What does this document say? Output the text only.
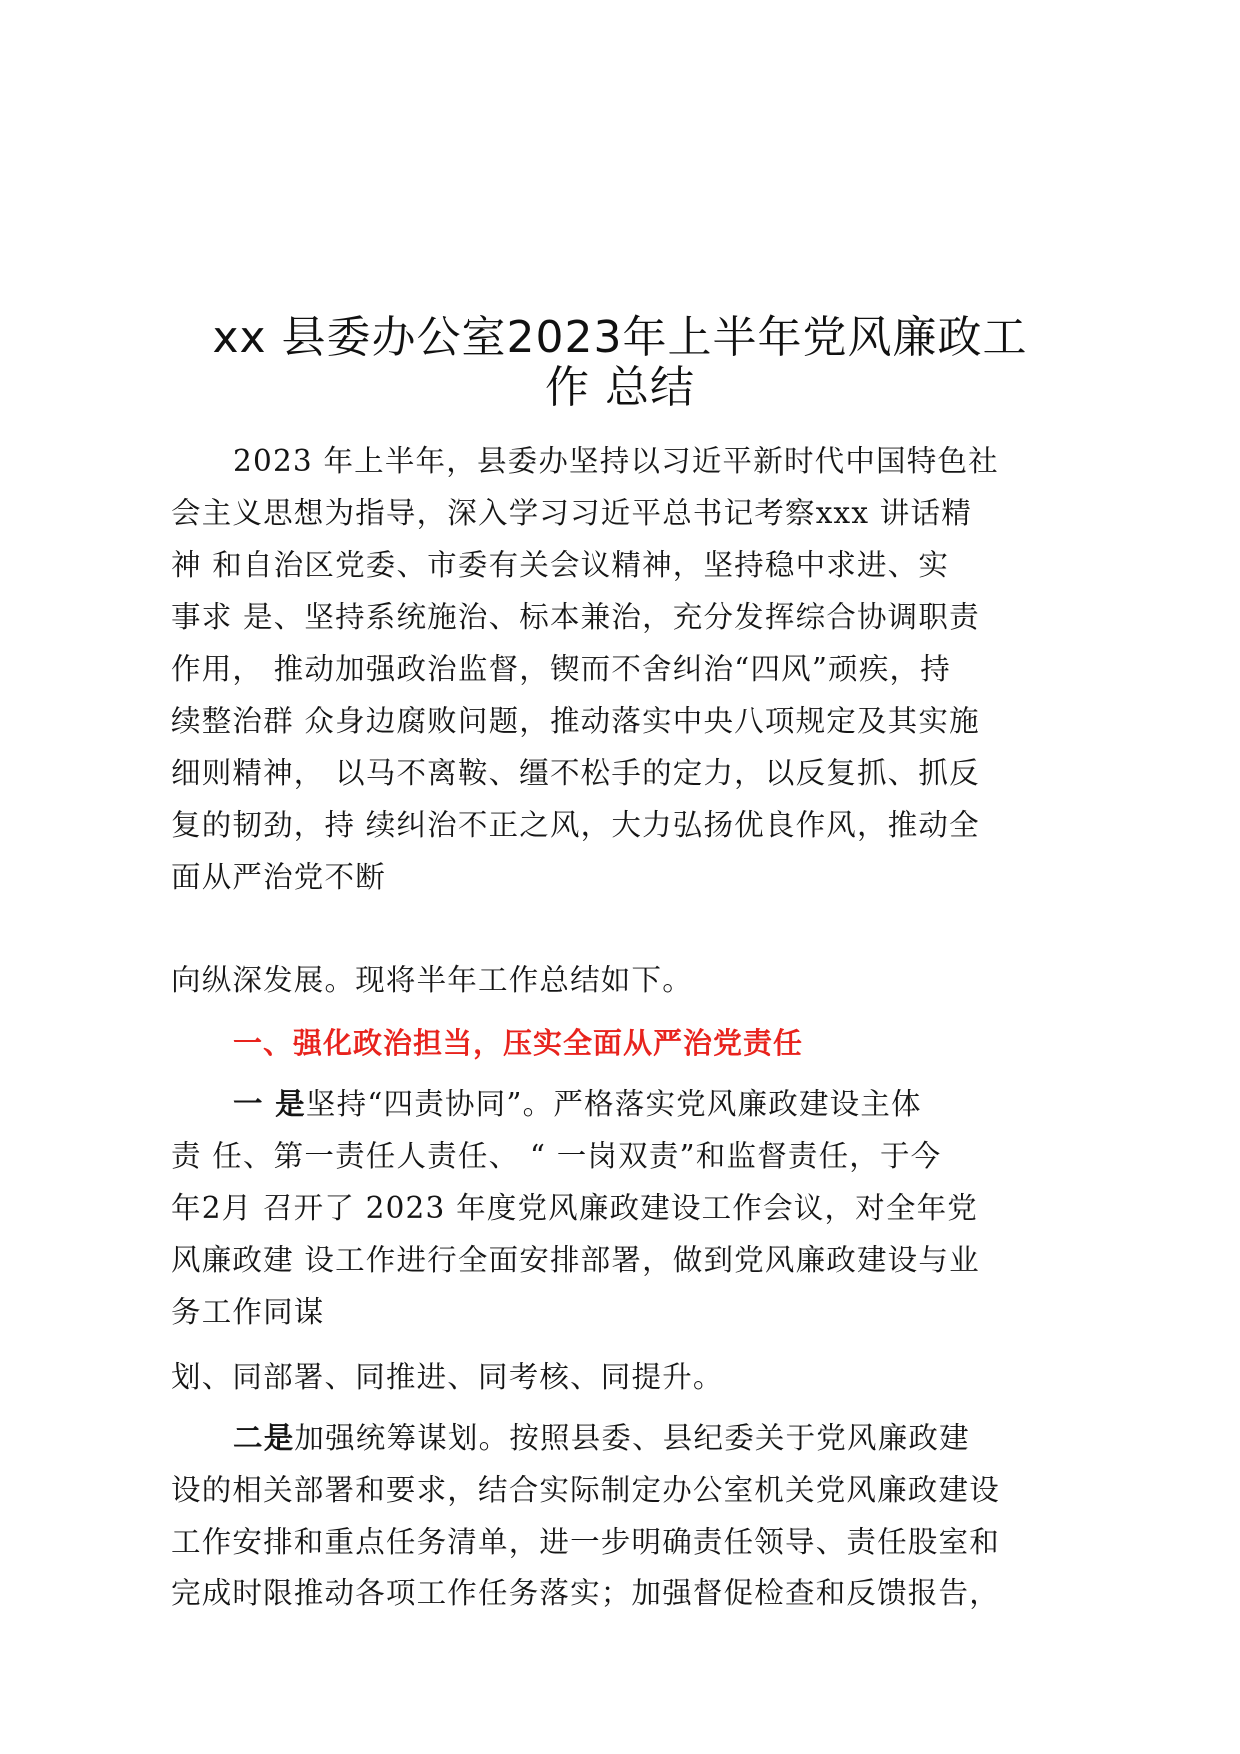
xx 县委办公室2023年上半年党风廉政工
作 总结
2023 年上半年，县委办坚持以习近平新时代中国特色社
会主义思想为指导，深入学习习近平总书记考察xxx 讲话精
神 和自治区党委、市委有关会议精神，坚持稳中求进、实
事求 是、坚持系统施治、标本兼治，充分发挥综合协调职责
作用， 推动加强政治监督，锲而不舍纠治“四风”顽疾，持
续整治群 众身边腐败问题，推动落实中央八项规定及其实施
细则精神， 以马不离鞍、缰不松手的定力，以反复抓、抓反
复的韧劲，持 续纠治不正之风，大力弘扬优良作风，推动全
面从严治党不断
向纵深发展。现将半年工作总结如下。
一、强化政治担当，压实全面从严治党责任
一 是坚持“四责协同”。严格落实党风廉政建设主体
责 任、第一责任人责任、 “ 一岗双责”和监督责任，于今
年2月 召开了 2023 年度党风廉政建设工作会议，对全年党
风廉政建 设工作进行全面安排部署，做到党风廉政建设与业
务工作同谋
划、同部署、同推进、同考核、同提升。
二是加强统筹谋划。按照县委、县纪委关于党风廉政建
设的相关部署和要求，结合实际制定办公室机关党风廉政建设
工作安排和重点任务清单，进一步明确责任领导、责任股室和
完成时限推动各项工作任务落实；加强督促检查和反馈报告，
